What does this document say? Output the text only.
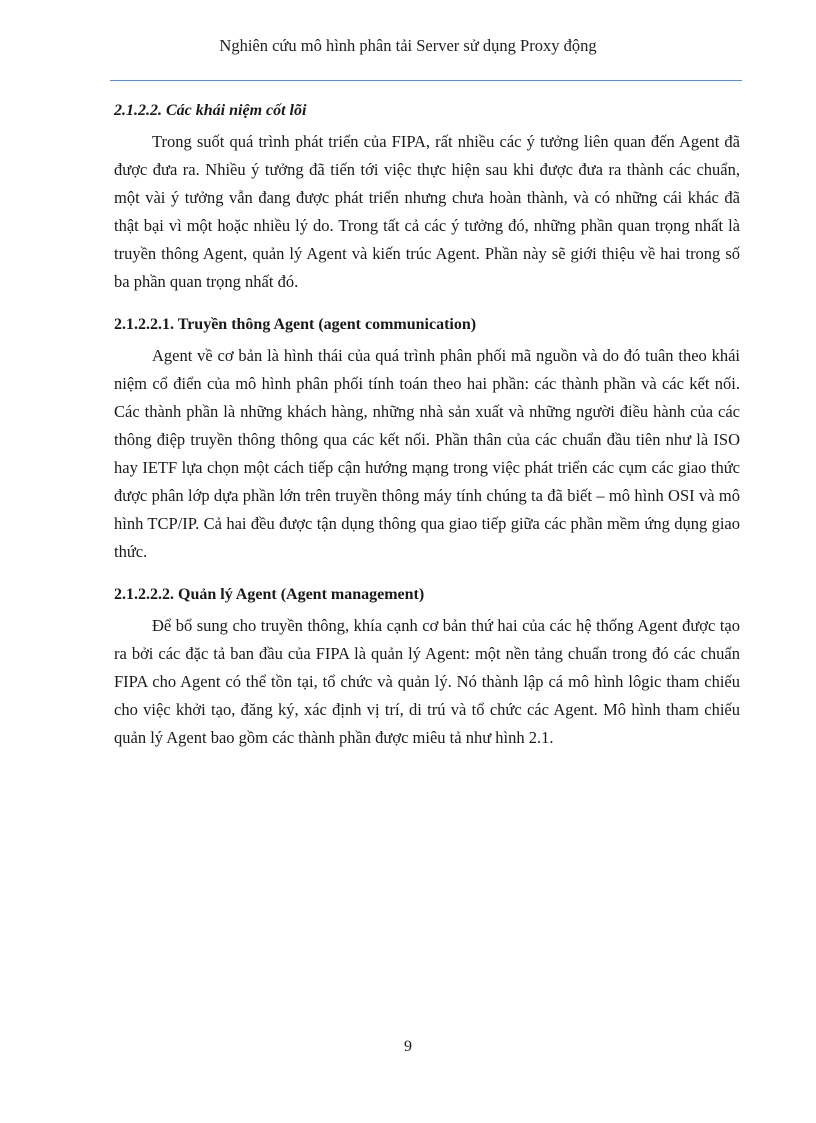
Nghiên cứu mô hình phân tải Server sử dụng Proxy động
2.1.2.2. Các khái niệm cốt lõi

Trong suốt quá trình phát triển của FIPA, rất nhiều các ý tưởng liên quan đến Agent đã được đưa ra. Nhiều ý tưởng đã tiến tới việc thực hiện sau khi được đưa ra thành các chuẩn, một vài ý tưởng vẫn đang được phát triển nhưng chưa hoàn thành, và có những cái khác đã thật bại vì một hoặc nhiều lý do. Trong tất cả các ý tưởng đó, những phần quan trọng nhất là truyền thông Agent, quản lý Agent và kiến trúc Agent. Phần này sẽ giới thiệu về hai trong số ba phần quan trọng nhất đó.

2.1.2.2.1. Truyền thông Agent (agent communication)

Agent về cơ bản là hình thái của quá trình phân phối mã nguồn và do đó tuân theo khái niệm cổ điển của mô hình phân phối tính toán theo hai phần: các thành phần và các kết nối. Các thành phần là những khách hàng, những nhà sản xuất và những người điều hành của các thông điệp truyền thông thông qua các kết nối. Phần thân của các chuẩn đầu tiên như là ISO hay IETF lựa chọn một cách tiếp cận hướng mạng trong việc phát triển các cụm các giao thức được phân lớp dựa phần lớn trên truyền thông máy tính chúng ta đã biết – mô hình OSI và mô hình TCP/IP. Cả hai đều được tận dụng thông qua giao tiếp giữa các phần mềm ứng dụng giao thức.

2.1.2.2.2. Quản lý Agent (Agent management)

Để bổ sung cho truyền thông, khía cạnh cơ bản thứ hai của các hệ thống Agent được tạo ra bởi các đặc tả ban đầu của FIPA là quản lý Agent: một nền tảng chuẩn trong đó các chuẩn FIPA cho Agent có thể tồn tại, tổ chức và quản lý. Nó thành lập cá mô hình lôgic tham chiếu cho việc khởi tạo, đăng ký, xác định vị trí, di trú và tổ chức các Agent. Mô hình tham chiếu quản lý Agent bao gồm các thành phần được miêu tả như hình 2.1.

9
